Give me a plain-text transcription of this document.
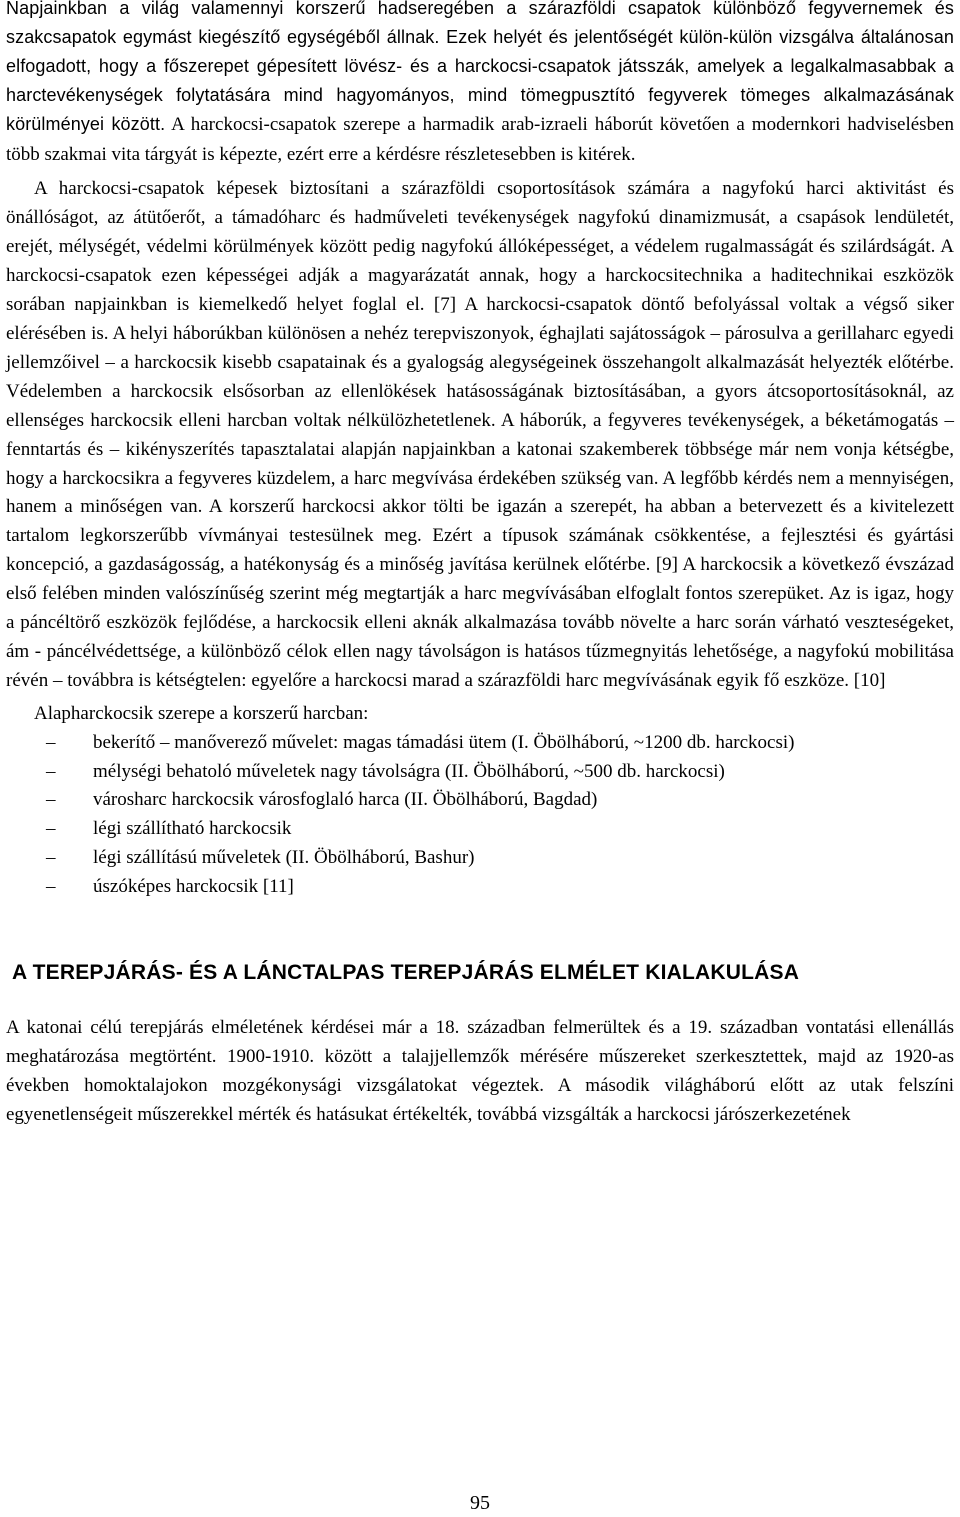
Napjainkban a világ valamennyi korszerű hadseregében a szárazföldi csapatok különböző fegyvernemek és szakcsapatok egymást kiegészítő egységéből állnak. Ezek helyét és jelentőségét külön-külön vizsgálva általánosan elfogadott, hogy a főszerepet gépesített lövész- és a harckocsi-csapatok játsszák, amelyek a legalkalmasabbak a harctevékenységek folytatására mind hagyományos, mind tömegpusztító fegyverek tömeges alkalmazásának körülményei között. A harckocsi-csapatok szerepe a harmadik arab-izraeli háborút követően a modernkori hadviselésben több szakmai vita tárgyát is képezte, ezért erre a kérdésre részletesebben is kitérek.

A harckocsi-csapatok képesek biztosítani a szárazföldi csoportosítások számára a nagyfokú harci aktivitást és önállóságot, az átütőerőt, a támadóharc és hadműveleti tevékenységek nagyfokú dinamizmusát, a csapások lendületét, erejét, mélységét, védelmi körülmények között pedig nagyfokú állóképességet, a védelem rugalmasságát és szilárdságát. A harckocsi-csapatok ezen képességei adják a magyarázatát annak, hogy a harckocsitechnika a haditechnikai eszközök sorában napjainkban is kiemelkedő helyet foglal el. [7] A harckocsi-csapatok döntő befolyással voltak a végső siker elérésében is. A helyi háborúkban különösen a nehéz terepviszonyok, éghajlati sajátosságok – párosulva a gerillaharc egyedi jellemzőivel – a harckocsik kisebb csapatainak és a gyalogság alegységeinek összehangolt alkalmazását helyezték előtérbe. Védelemben a harckocsik elsősorban az ellenlökések hatásosságának biztosításában, a gyors átcsoportosításoknál, az ellenséges harckocsik elleni harcban voltak nélkülözhetetlenek. A háborúk, a fegyveres tevékenységek, a béketámogatás – fenntartás és – kikényszerítés tapasztalatai alapján napjainkban a katonai szakemberek többsége már nem vonja kétségbe, hogy a harckocsikra a fegyveres küzdelem, a harc megvívása érdekében szükség van. A legfőbb kérdés nem a mennyiségen, hanem a minőségen van. A korszerű harckocsi akkor tölti be igazán a szerepét, ha abban a betervezett és a kivitelezett tartalom legkorszerűbb vívmányai testesülnek meg. Ezért a típusok számának csökkentése, a fejlesztési és gyártási koncepció, a gazdaságosság, a hatékonyság és a minőség javítása kerülnek előtérbe. [9] A harckocsik a következő évszázad első felében minden valószínűség szerint még megtartják a harc megvívásában elfoglalt fontos szerepüket. Az is igaz, hogy a páncéltörő eszközök fejlődése, a harckocsik elleni aknák alkalmazása tovább növelte a harc során várható veszteségeket, ám - páncélvédettsége, a különböző célok ellen nagy távolságon is hatásos tűzmegnyitás lehetősége, a nagyfokú mobilitása révén – továbbra is kétségtelen: egyelőre a harckocsi marad a szárazföldi harc megvívásának egyik fő eszköze. [10]

Alapharckocsik szerepe a korszerű harcban:

–	bekerítő – manőverező művelet: magas támadási ütem (I. Öbölháború, ~1200 db. harckocsi)
–	mélységi behatoló műveletek nagy távolságra (II. Öbölháború, ~500 db. harckocsi)
–	városharc harckocsik városfoglaló harca (II. Öbölháború, Bagdad)
–	légi szállítható harckocsik
–	légi szállítású műveletek (II. Öbölháború, Bashur)
–	úszóképes harckocsik [11]
A TEREPJÁRÁS- ÉS A LÁNCTALPAS TEREPJÁRÁS ELMÉLET KIALAKULÁSA

A katonai célú terepjárás elméletének kérdései már a 18. században felmerültek és a 19. században vontatási ellenállás meghatározása megtörtént. 1900-1910. között a talajjellemzők mérésére műszereket szerkesztettek, majd az 1920-as években homoktalajokon mozgékonysági vizsgálatokat végeztek. A második világháború előtt az utak felszíni egyenetlenségeit műszerekkel mérték és hatásukat értékelték, továbbá vizsgálták a harckocsi járószerkezetének

95
